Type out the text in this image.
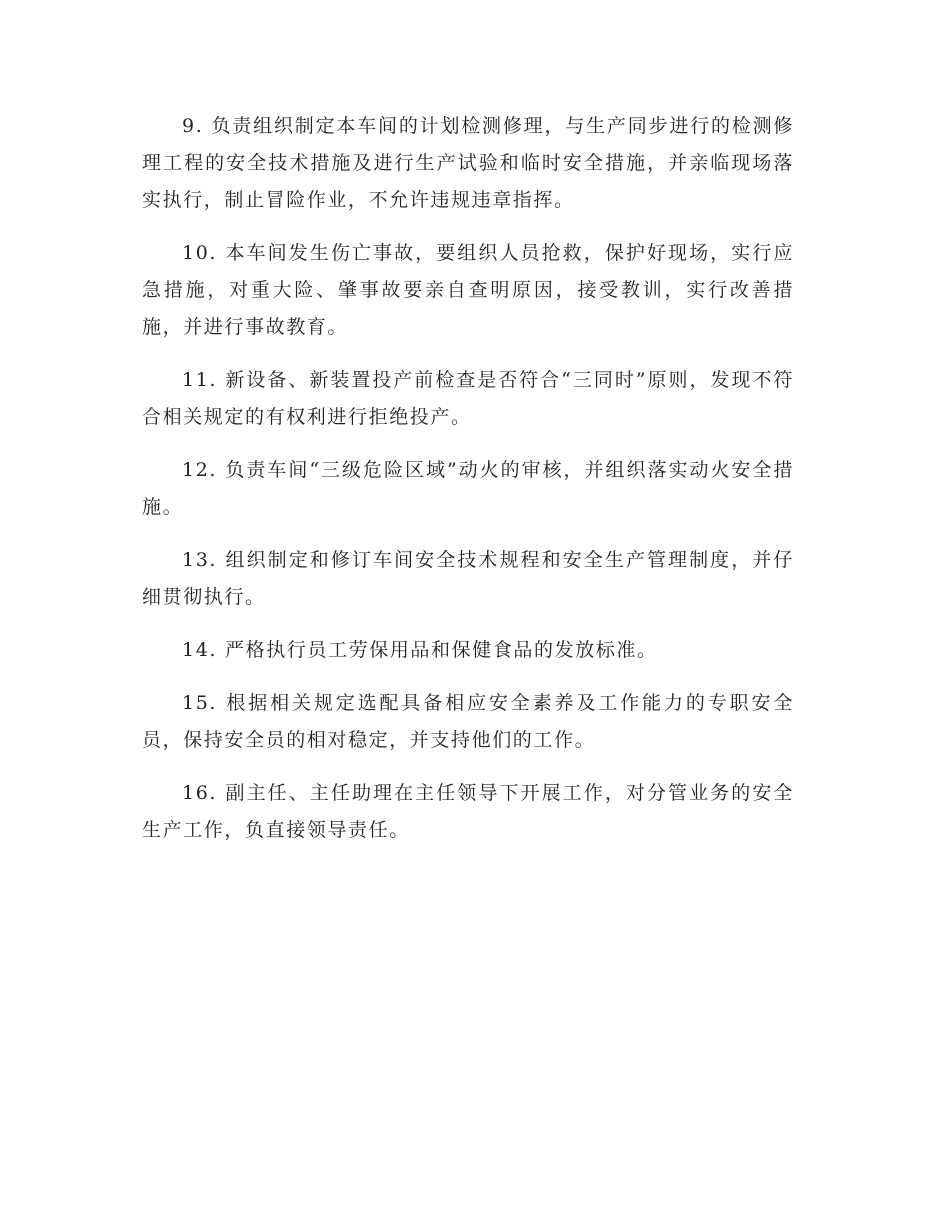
9. 负责组织制定本车间的计划检测修理，与生产同步进行的检测修理工程的安全技术措施及进行生产试验和临时安全措施，并亲临现场落实执行，制止冒险作业，不允许违规违章指挥。

10. 本车间发生伤亡事故，要组织人员抢救，保护好现场，实行应急措施，对重大险、肇事故要亲自查明原因，接受教训，实行改善措施，并进行事故教育。

11. 新设备、新装置投产前检查是否符合“三同时”原则，发现不符合相关规定的有权利进行拒绝投产。

12. 负责车间“三级危险区域”动火的审核，并组织落实动火安全措施。

13. 组织制定和修订车间安全技术规程和安全生产管理制度，并仔细贯彻执行。

14. 严格执行员工劳保用品和保健食品的发放标准。

15. 根据相关规定选配具备相应安全素养及工作能力的专职安全员，保持安全员的相对稳定，并支持他们的工作。

16. 副主任、主任助理在主任领导下开展工作，对分管业务的安全生产工作，负直接领导责任。
